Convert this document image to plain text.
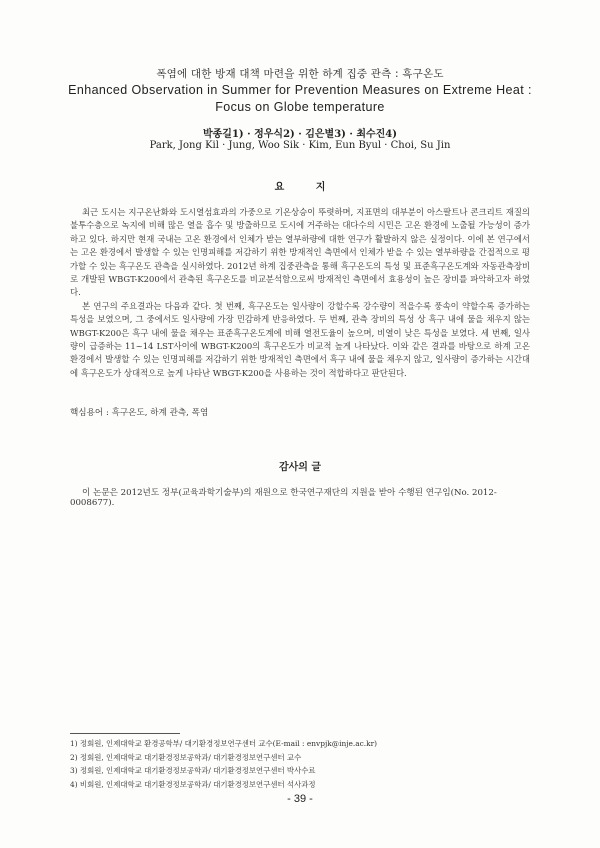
폭염에 대한 방재 대책 마련을 위한 하계 집중 관측 : 흑구온도
Enhanced Observation in Summer for Prevention Measures on Extreme Heat :
Focus on Globe temperature
박종길1) · 정우식2) · 김은별3) · 최수진4)
Park, Jong Kil · Jung, Woo Sik · Kim, Eun Byul · Choi, Su Jin
요 지

최근 도시는 지구온난화와 도시열섬효과의 가중으로 기온상승이 뚜렷하며, 지표면의 대부분이 아스팔트나 콘크리트 재질의 불투수층으로 녹지에 비해 많은 열을 흡수 및 방출하므로 도시에 거주하는 대다수의 시민은 고온 환경에 노출될 가능성이 증가하고 있다. 하지만 현재 국내는 고온 환경에서 인체가 받는 열부하량에 대한 연구가 활발하지 않은 실정이다. 이에 본 연구에서는 고온 환경에서 발생할 수 있는 인명피해를 저감하기 위한 방재적인 측면에서 인체가 받을 수 있는 열부하량을 간접적으로 평가할 수 있는 흑구온도 관측을 실시하였다. 2012년 하계 집중관측을 통해 흑구온도의 특성 및 표준흑구온도계와 자동관측장비로 개발된 WBGT-K200에서 관측된 흑구온도를 비교분석함으로써 방재적인 측면에서 효용성이 높은 장비를 파악하고자 하였다.

본 연구의 주요결과는 다음과 같다. 첫 번째, 흑구온도는 일사량이 강할수록 강수량이 적을수록 풍속이 약할수록 증가하는 특성을 보였으며, 그 중에서도 일사량에 가장 민감하게 반응하였다. 두 번째, 관측 장비의 특성 상 흑구 내에 물을 채우지 않는 WBGT-K200은 흑구 내에 물을 채우는 표준흑구온도계에 비해 열전도율이 높으며, 비열이 낮은 특성을 보였다. 세 번째, 일사량이 급증하는 11~14 LST사이에 WBGT-K200의 흑구온도가 비교적 높게 나타났다. 이와 같은 결과를 바탕으로 하계 고온 환경에서 발생할 수 있는 인명피해를 저감하기 위한 방재적인 측면에서 흑구 내에 물을 채우지 않고, 일사량이 증가하는 시간대에 흑구온도가 상대적으로 높게 나타난 WBGT-K200을 사용하는 것이 적합하다고 판단된다.

핵심용어 : 흑구온도, 하계 관측, 폭염
감사의 글
이 논문은 2012년도 정부(교육과학기술부)의 재원으로 한국연구재단의 지원을 받아 수행된 연구임(No. 2012-0008677).
1) 정회원, 인제대학교 환경공학부/ 대기환경정보연구센터 교수(E-mail : envpjk@inje.ac.kr)
2) 정회원, 인제대학교 대기환경정보공학과/ 대기환경정보연구센터 교수
3) 정회원, 인제대학교 대기환경정보공학과/ 대기환경정보연구센터 박사수료
4) 비회원, 인제대학교 대기환경정보공학과/ 대기환경정보연구센터 석사과정
- 39 -
